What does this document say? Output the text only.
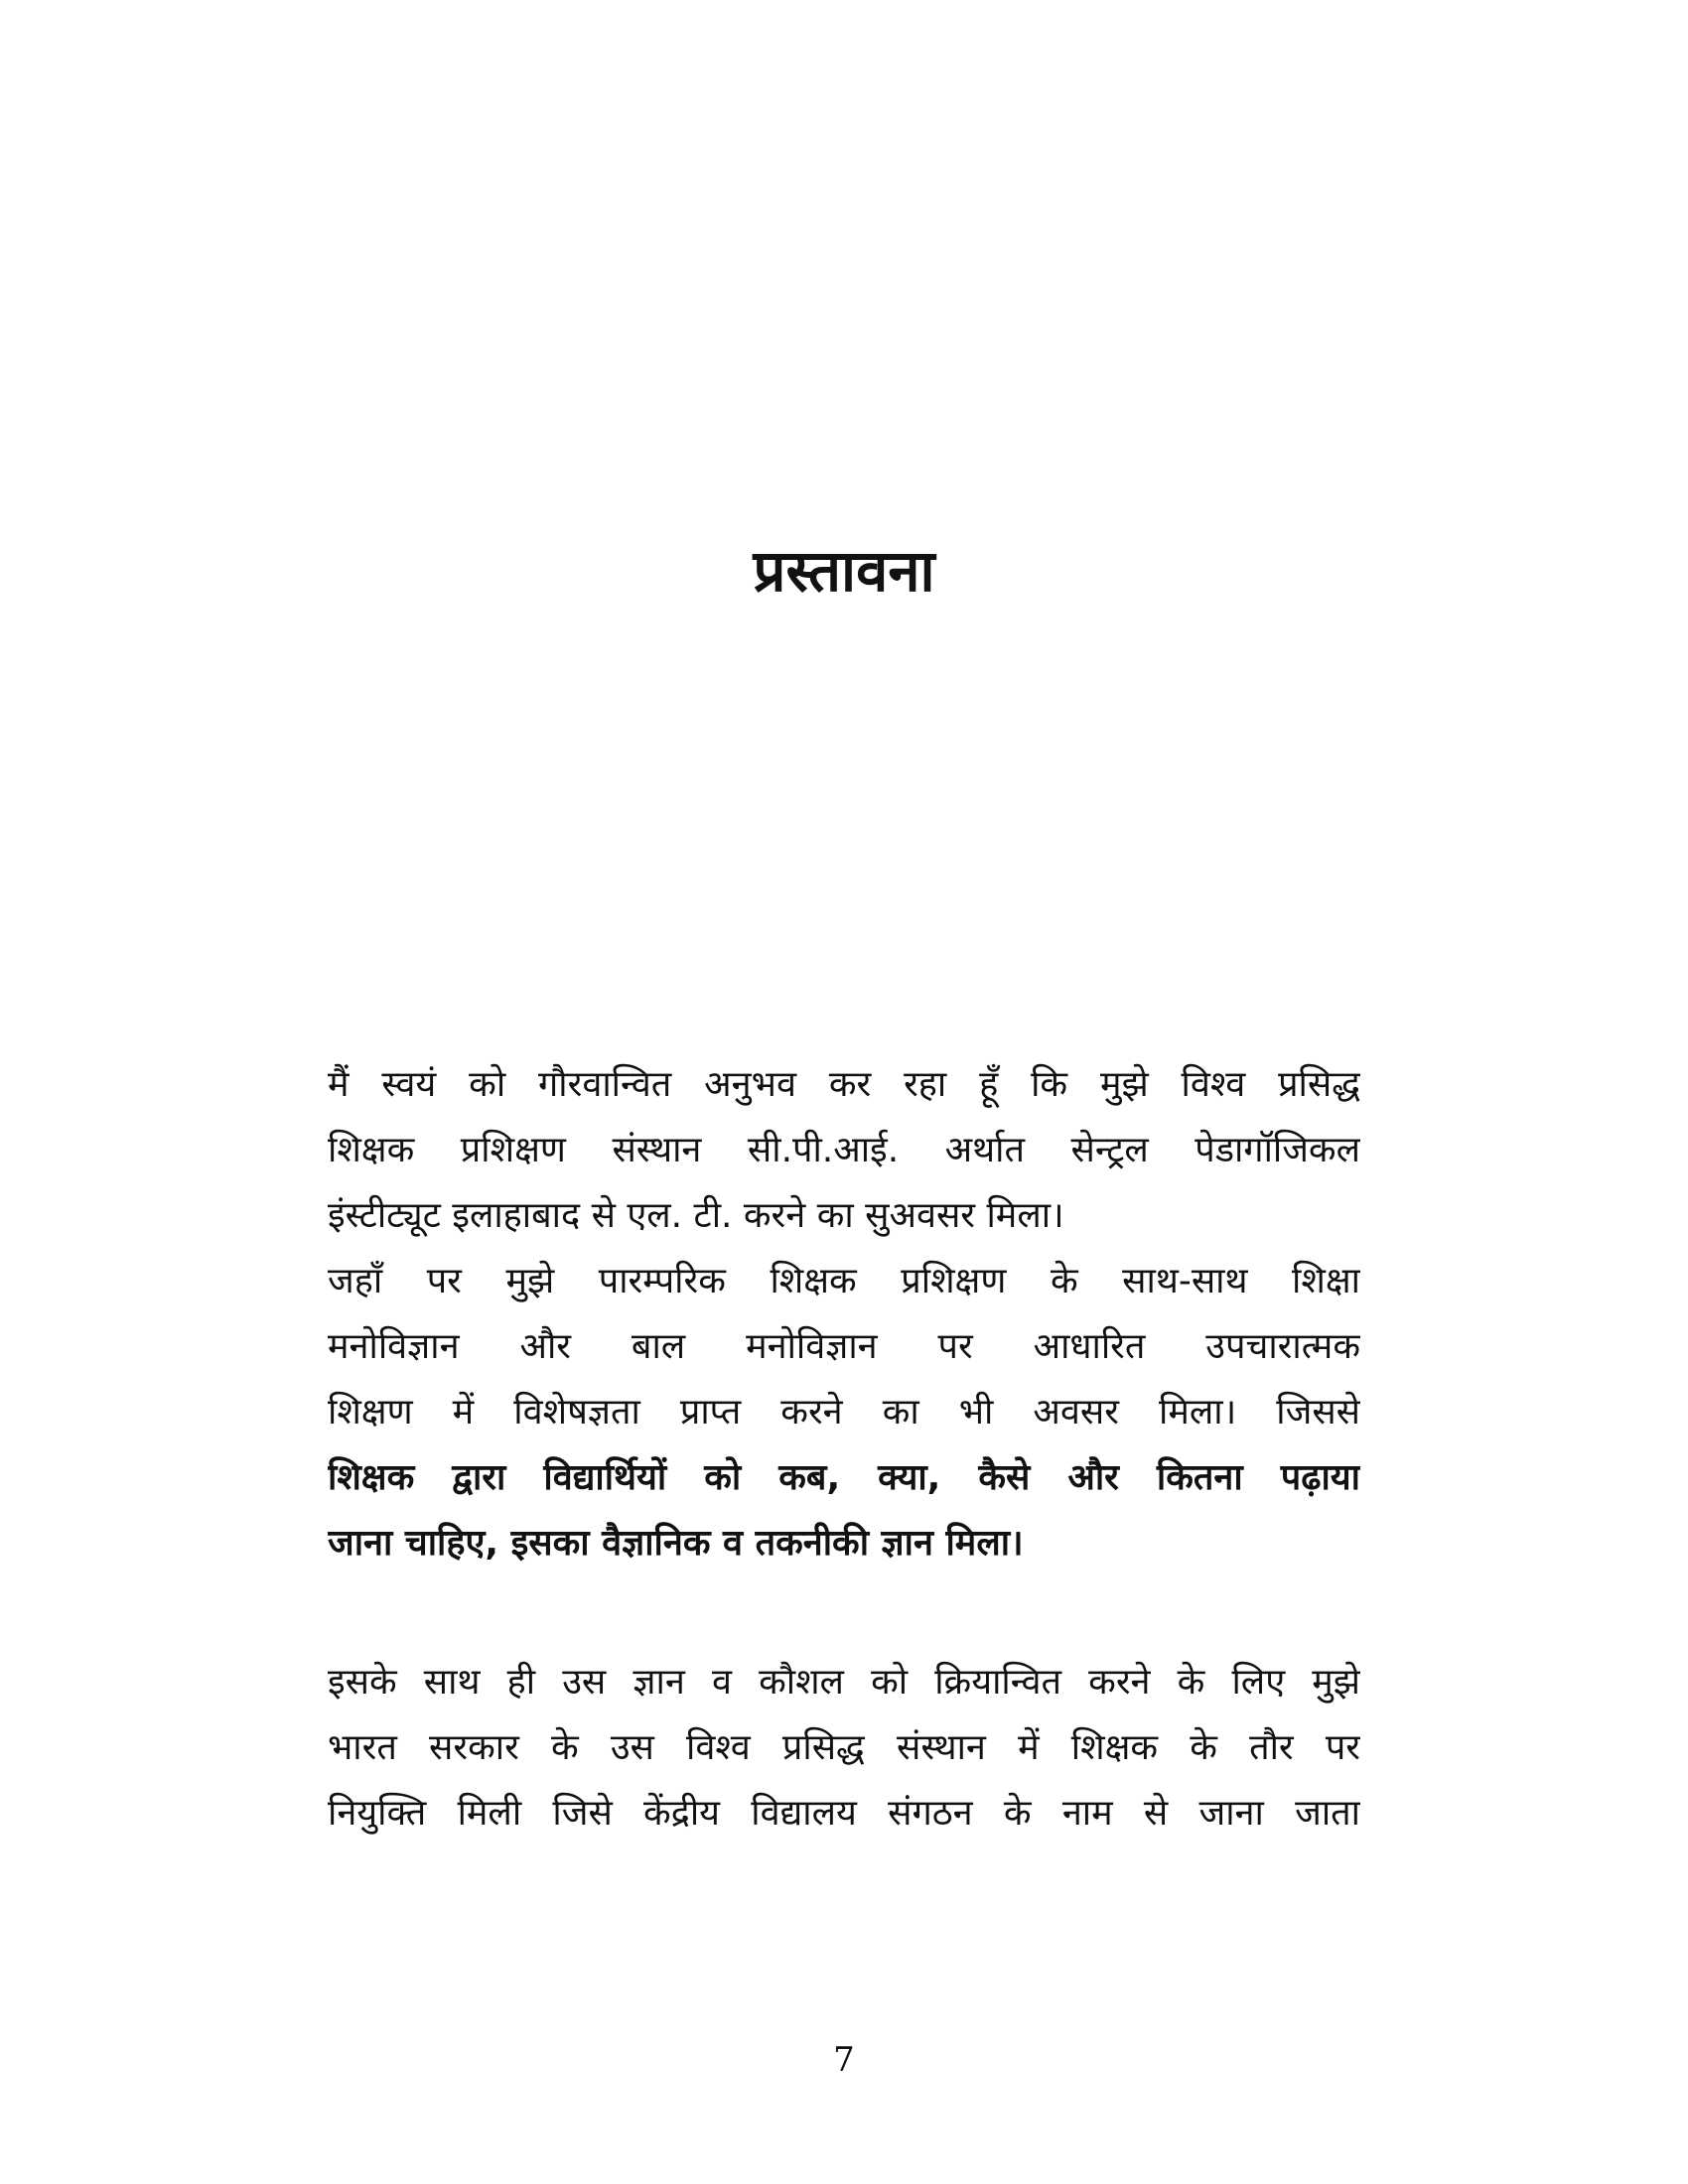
प्रस्तावना
मैं स्वयं को गौरवान्वित अनुभव कर रहा हूँ कि मुझे विश्व प्रसिद्ध
शिक्षक प्रशिक्षण संस्थान सी.पी.आई. अर्थात सेन्ट्रल पेडागॉजिकल
इंस्टीट्यूट इलाहाबाद से एल. टी. करने का सुअवसर मिला।
जहाँ पर मुझे पारम्परिक शिक्षक प्रशिक्षण के साथ-साथ शिक्षा
मनोविज्ञान और बाल मनोविज्ञान पर आधारित उपचारात्मक
शिक्षण में विशेषज्ञता प्राप्त करने का भी अवसर मिला। जिससे
शिक्षक द्वारा विद्यार्थियों को कब, क्या, कैसे और कितना पढ़ाया
जाना चाहिए, इसका वैज्ञानिक व तकनीकी ज्ञान मिला।
इसके साथ ही उस ज्ञान व कौशल को क्रियान्वित करने के लिए मुझे
भारत सरकार के उस विश्व प्रसिद्ध संस्थान में शिक्षक के तौर पर
नियुक्ति मिली जिसे केंद्रीय विद्यालय संगठन के नाम से जाना जाता
7
